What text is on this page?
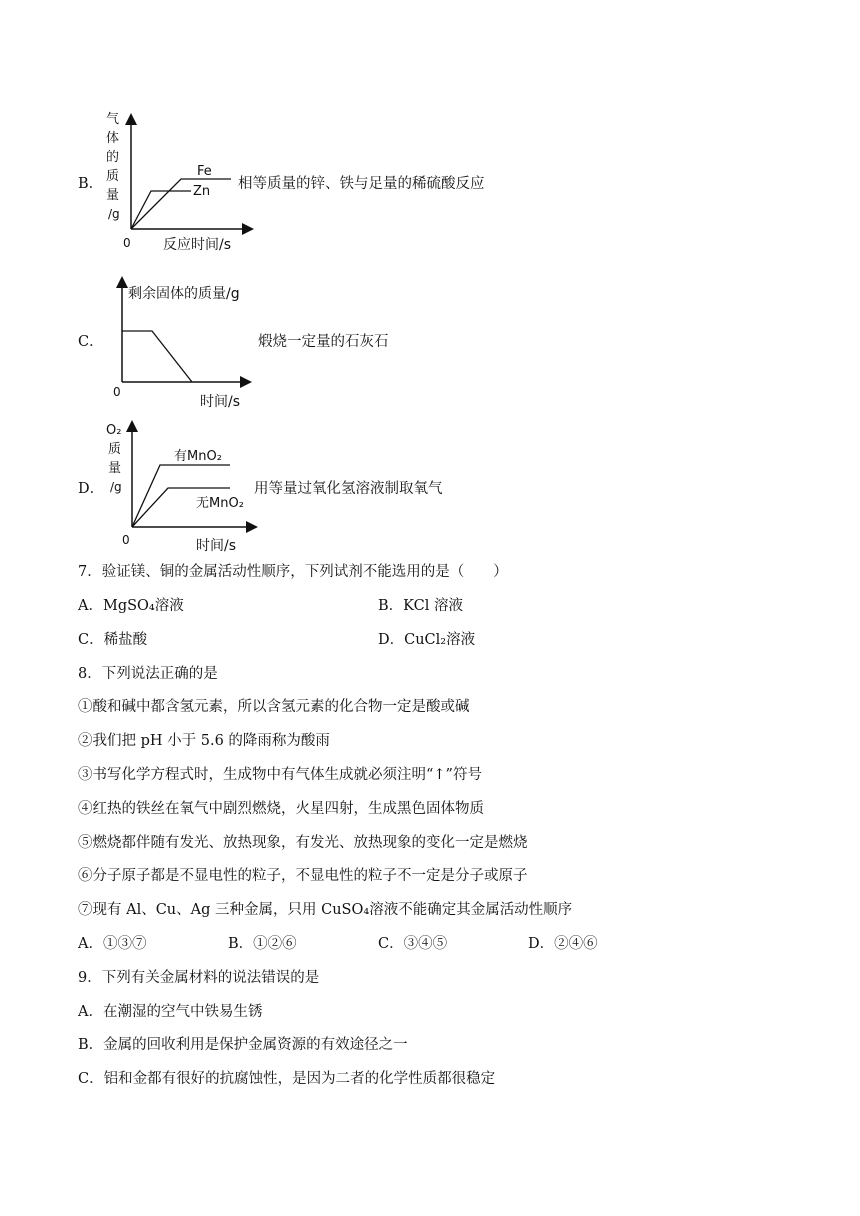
B．
气
体
的
质
量
/g
0 反应时间/s
Fe
Zn 相等质量的锌、铁与足量的稀硫酸反应
C．
剩余固体的质量/g
0
时间/s
煅烧一定量的石灰石
D．
O₂
质
量
/g
0	时间/s
有MnO₂
无MnO₂
用等量过氧化氢溶液制取氧气
7．验证镁、铜的金属活动性顺序，下列试剂不能选用的是（　　）
A．MgSO₄溶液	B．KCl 溶液
C．稀盐酸	D．CuCl₂溶液
8．下列说法正确的是
①酸和碱中都含氢元素，所以含氢元素的化合物一定是酸或碱
②我们把 pH 小于 5.6 的降雨称为酸雨
③书写化学方程式时，生成物中有气体生成就必须注明“↑”符号
④红热的铁丝在氧气中剧烈燃烧，火星四射，生成黑色固体物质
⑤燃烧都伴随有发光、放热现象，有发光、放热现象的变化一定是燃烧
⑥分子原子都是不显电性的粒子，不显电性的粒子不一定是分子或原子
⑦现有 Al、Cu、Ag 三种金属，只用 CuSO₄溶液不能确定其金属活动性顺序
A．①③⑦	B．①②⑥	C．③④⑤	D．②④⑥
9．下列有关金属材料的说法错误的是
A．在潮湿的空气中铁易生锈
B．金属的回收利用是保护金属资源的有效途径之一
C．铝和金都有很好的抗腐蚀性，是因为二者的化学性质都很稳定
